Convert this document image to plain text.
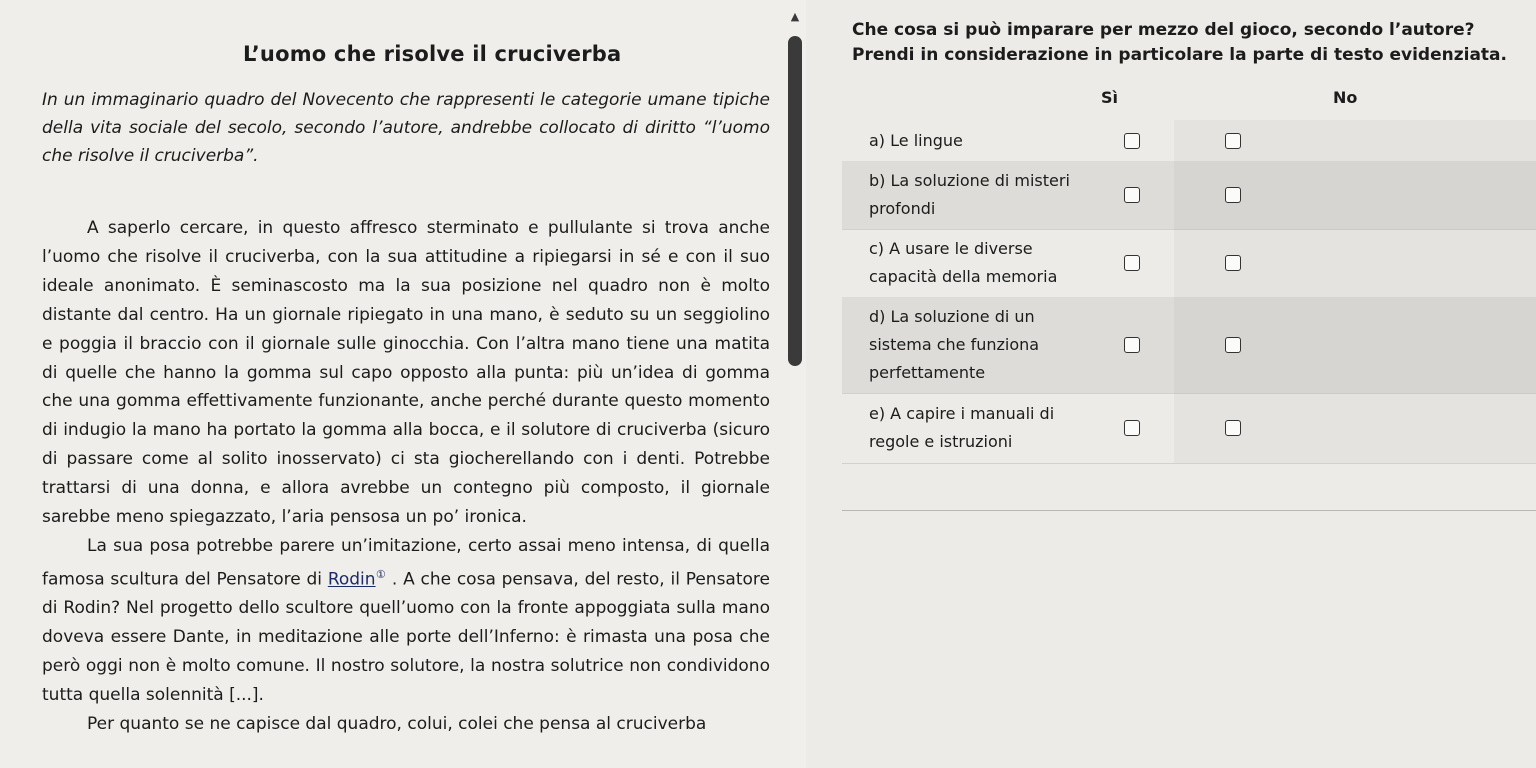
L’uomo che risolve il cruciverba
In un immaginario quadro del Novecento che rappresenti le categorie umane tipiche della vita sociale del secolo, secondo l’autore, andrebbe collocato di diritto “l’uomo che risolve il cruciverba”.

A saperlo cercare, in questo affresco sterminato e pullulante si trova anche l’uomo che risolve il cruciverba, con la sua attitudine a ripiegarsi in sé e con il suo ideale anonimato. È seminascosto ma la sua posizione nel quadro non è molto distante dal centro. Ha un giornale ripiegato in una mano, è seduto su un seggiolino e poggia il braccio con il giornale sulle ginocchia. Con l’altra mano tiene una matita di quelle che hanno la gomma sul capo opposto alla punta: più un’idea di gomma che una gomma effettivamente funzionante, anche perché durante questo momento di indugio la mano ha portato la gomma alla bocca, e il solutore di cruciverba (sicuro di passare come al solito inosservato) ci sta giocherellando con i denti. Potrebbe trattarsi di una donna, e allora avrebbe un contegno più composto, il giornale sarebbe meno spiegazzato, l’aria pensosa un po’ ironica.

La sua posa potrebbe parere un’imitazione, certo assai meno intensa, di quella famosa scultura del Pensatore di Rodin① . A che cosa pensava, del resto, il Pensatore di Rodin? Nel progetto dello scultore quell’uomo con la fronte appoggiata sulla mano doveva essere Dante, in meditazione alle porte dell’Inferno: è rimasta una posa che però oggi non è molto comune. Il nostro solutore, la nostra solutrice non condividono tutta quella solennità [...].

Per quanto se ne capisce dal quadro, colui, colei che pensa al cruciverba

▲
Che cosa si può imparare per mezzo del gioco, secondo l’autore? Prendi in considerazione in particolare la parte di testo evidenziata.
Sì	No
a) Le lingue
b) La soluzione di misteri profondi
c) A usare le diverse capacità della memoria
d) La soluzione di un sistema che funziona perfettamente
e) A capire i manuali di regole e istruzioni
